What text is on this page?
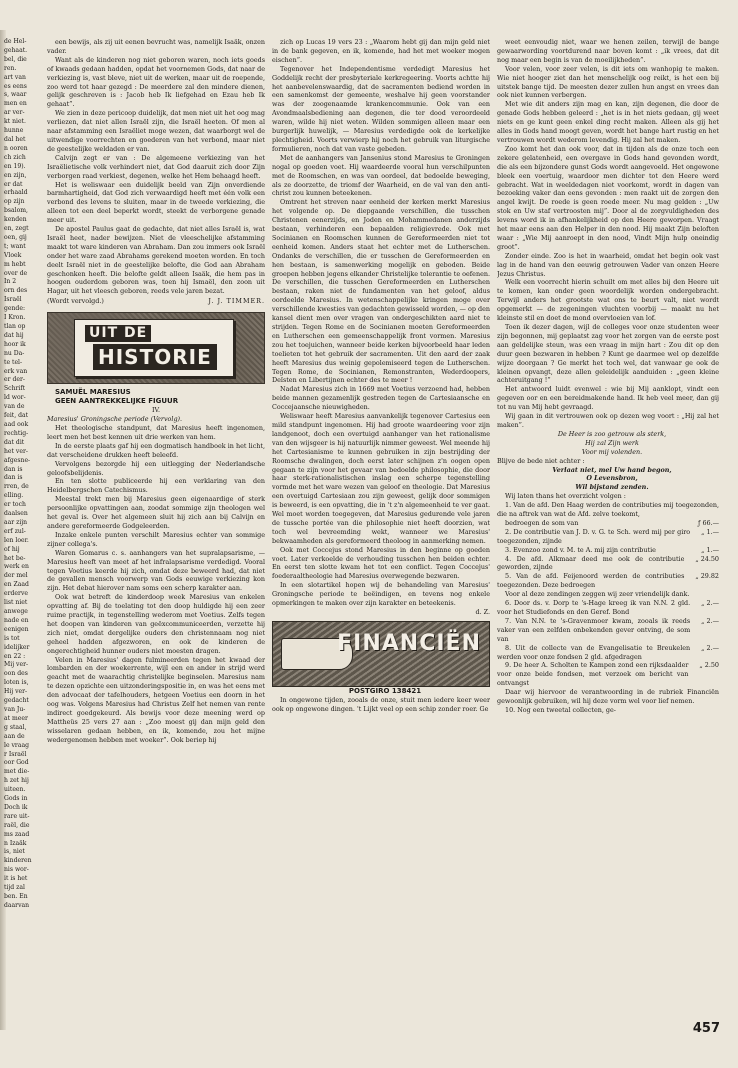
de Hel-

gehaat.

bel, die

ren.

art van

es eens

s, waar

men en

ar ver-

kt niet.

hunne

dal het

n ooren

ch zich

en 19).

en zijn,

er dat

erhaald

op zijn

bsalom,

kenden

en, zegt

oen, gij

t; want

Vloek

m hebt

over de

In 2

orn des

Israël

gende:

I Kron.

tlan op

dat hij

hoor ik

nu Da-

te tel-

erk van

er der-

Schrift

ld wor-

van de

feit, dat

aad ook

rechtig-

dat dit

het ver-

afgesne-

dan is

dan is

rren, de

elling.

er toch

daalsen

aar zijn

erf zul-

len loer.

of hij

het be-

werk en

der mel

en Zaad

erderve

list niet

anwege

nade en

eenigen

is tot

idelijker

en 22 :

Mij ver-

oon des

loten is,

Hij ver-

gedacht

van Ju-

at meer

g staal,

aan de

le vraag

r Israël

oor God

met die-

h zet hij

uiteen.

Gods in

Doch ik

rare uit-

raël, die

ms zaad

n Izaäk

is, niet

kinderen

nis wor-

it is het

tijd zal

ben. En

daarvan

een bewijs, als zij uit eenen bevrucht was, namelijk Isaäk, onzen vader.

Want als de kinderen nog niet geboren waren, noch iets goeds of kwaads gedaan hadden, opdat het voornemen Gods, dat naar de verkiezing is, vast bleve, niet uit de werken, maar uit de roepende, zoo werd tot haar gezegd : De meerdere zal den mindere dienen, gelijk geschreven is : Jacob heb Ik liefgehad en Ezau heb Ik gehaat”.

We zien in deze pericoop duidelijk, dat men niet uit het oog mag verliezen, dat niet allen Israël zijn, die Israël heeten. Of men al naar afstamming een Israëliet moge wezen, dat waarborgt wel de uitwendige voorrechten en goederen van het verbond, maar niet de geestelijke weldaden er van.

Calvijn zegt er van : De algemeene verkiezing van het Israëlietische volk verhindert niet, dat God daaruit zich door Zijn verborgen raad verkiest, degenen, welke het Hem behaagd heeft.

Het is weliswaar een duidelijk beeld van Zijn onverdiende barmhartigheid, dat God zich verwaardigd heeft met één volk een verbond des levens te sluiten, maar in de tweede verkiezing, die alleen tot een deel beperkt wordt, steekt de verborgene genade meer uit.

De apostel Paulus gaat de gedachte, dat niet alles Israël is, wat Israël heet, nader bewijzen. Niet de vleeschelijke afstamming maakt tot ware kinderen van Abraham. Dan zou immers ook Israël onder het ware zaad Abrahams gerekend moeten worden. En toch deelt Israël niet in de geestelijke belofte, die God aan Abraham geschonken heeft. Die belofte geldt alleen Isaäk, die hem pas in hoogen ouderdom geboren was, toen hij Ismaël, den zoon uit Hagar, uit het vleesch geboren, reeds vele jaren bezat.

(Wordt vervolgd.)	J. J. TIMMER.

UIT DE
HISTORIE

SAMUËL MARESIUS

GEEN AANTREKKELIJKE FIGUUR

IV.

Maresius' Groningsche periode (Vervolg).

Het theologische standpunt, dat Maresius heeft ingenomen, leert men het best kennen uit drie werken van hem.

In de eerste plaats gaf hij een dogmatisch handboek in het licht, dat verscheidene drukken heeft beleefd.

Vervolgens bezorgde hij een uitlegging der Nederlandsche geloofsbelijdenis.

En ten slotte publiceerde hij een verklaring van den Heidelbergschen Catechismus.

Meestal trekt men bij Maresius geen eigenaardige of sterk persoonlijke opvattingen aan, zoodat sommige zijn theologen wel het geval is. Over het algemeen sluit hij zich aan bij Calvijn en andere gereformeerde Godgeleerden.

Inzake enkele punten verschilt Maresius echter van sommige zijner collega's.

Waren Gomarus c. s. aanhangers van het supralapsarisme, — Maresius heeft van meet af het infralapsarisme verdedigd. Vooral tegen Voetius keerde hij zich, omdat deze beweerd had, dat niet de gevallen mensch voorwerp van Gods eeuwige verkiezing kon zijn. Het debat hierover nam soms een scherp karakter aan.

Ook wat betreft de kinderdoop week Maresius van enkelen opvatting af. Bij de toelating tot den doop huldigde hij een zeer ruime practijk, in tegenstelling wederom met Voetius. Zelfs tegen het doopen van kinderen van geëxcommuniceerden, verzette hij zich niet, omdat dergelijke ouders den christennaam nog niet geheel hadden afgezworen, en ook de kinderen de ongerechtigheid hunner ouders niet moesten dragen.

Velen in Maresius' dagen fulmineerden tegen het kwaad der lombarden en der woekerrente, wijl een en ander in strijd werd geacht met de waarachtig christelijke beginselen. Maresius nam te dezen opzichte een uitzonderingspositie in, en was het eens met den advocaat der tafelhouders, hetgeen Voetius een doorn in het oog was. Volgens Maresius had Christus Zelf het nemen van rente indirect goedgekeurd. Als bewijs voor deze meening werd op Mattheüs 25 vers 27 aan : „Zoo moest gij dan mijn geld den wisselaren gedaan hebben, en ik, komende, zou het mijne wedergenomen hebben met woeker”. Ook beriep hij

zich op Lucas 19 vers 23 : „Waarom hebt gij dan mijn geld niet in de bank gegeven, en ik, komende, had het met woeker mogen eischen”.

Tegenover het Independentisme verdedigt Maresius het Goddelijk recht der presbyteriale kerkregeering. Voorts achtte hij het aanbevelenswaardig, dat de sacramenten bediend worden in een samenkomst der gemeente, weshalve hij geen voorstander was der zoogenaamde krankencommunie. Ook van een Avondmaalsbediening aan degenen, die ter dood veroordeeld waren, wilde hij niet weten. Wilden sommigen alleen maar een burgerlijk huwelijk, — Maresius verdedigde ook de kerkelijke plechtigheid. Voorts verwierp hij noch het gebruik van liturgische formulieren, noch dat van vaste gebeden.

Met de aanhangers van Jansenius stond Maresius te Groningen nogal op goeden voet. Hij waardeerde vooral hun verschilpunten met de Roomschen, en was van oordeel, dat bedoelde beweging, als ze doorzette, de triomf der Waarheid, en de val van den anti-christ zou kunnen beteekenen.

Omtrent het streven naar eenheid der kerken merkt Maresius het volgende op. De diepgaande verschillen, die tusschen Christenen eenerzijds, en Joden en Mohammedanen anderzijds bestaan, verhinderen een bepaalden religievrede. Ook met Socinianen en Roomschen kunnen de Gereformeerden niet tot eenheid komen. Anders staat het echter met de Lutherschen. Ondanks de verschillen, die er tusschen de Gereformeerden en hen bestaan, is samenwerking mogelijk en geboden. Beide groepen hebben jegens elkander Christelijke tolerantie te oefenen. De verschillen, die tusschen Gereformeerden en Lutherschen bestaan, raken niet de fundamenten van het geloof, aldus oordeelde Maresius. In wetenschappelijke kringen moge over verschillende kwesties van gedachten gewisseld worden, — op den kansel dient men over vragen van ondergeschikten aard niet te strijden. Tegen Rome en de Socinianen moeten Gereformeerden en Lutherschen een gemeenschappelijk front vormen. Maresius zou het toejuichen, wanneer beide kerken bijvoorbeeld haar leden toelieten tot het gebruik der sacramenten. Uit den aard der zaak heeft Maresius dus weinig gepolemiseerd tegen de Lutherschen. Tegen Rome, de Socinianen, Remonstranten, Wederdoopers, Deïsten en Libertijnen echter des te meer !

Nadat Maresius zich in 1669 met Voetius verzoend had, hebben beide mannen gezamenlijk gestreden tegen de Cartesiaansche en Coccejaansche nieuwigheden.

Weliswaar heeft Maresius aanvankelijk tegenover Cartesius een mild standpunt ingenomen. Hij had groote waardeering voor zijn landgenoot, doch een overtuigd aanhanger van het rationalisme van den wijsgeer is hij natuurlijk nimmer geweest. Wel meende hij het Cartesianisme te kunnen gebruiken in zijn bestrijding der Roomsche dwalingen, doch eerst later schijnen z'n oogen open gegaan te zijn voor het gevaar van bedoelde philosophie, die door haar sterk-rationalistischen inslag een scherpe tegenstelling vormde met het ware wezen van geloof en theologie. Dat Maresius een overtuigd Cartesiaan zou zijn geweest, gelijk door sommigen is beweerd, is een opvatting, die in 't z'n algemeenheid te ver gaat. Wel moet worden toegegeven, dat Maresius gedurende vele jaren de tussche portée van die philosophie niet heeft doorzien, wat toch wel bevreemding wekt, wanneer we Maresius' bekwaamheden als gereformeerd theoloog in aanmerking nemen.

Ook met Coccejus stond Maresius in den beginne op goeden voet. Later verkoelde de verhouding tusschen hen beiden echter. En eerst ten slotte kwam het tot een conflict. Tegen Coccejus' foederaaltheologie had Maresius overwegende bezwaren.

In een slotartikel hopen wij de behandeling van Maresius' Groningsche periode te beëindigen, en tevens nog enkele opmerkingen te maken over zijn karakter en beteekenis.

d. Z.

FINANCIËN

POSTGIRO 138421

In ongewone tijden, zooals de onze, stuit men iedere keer weer ook op ongewone dingen. 't Lijkt veel op een schip zonder roer. Ge

weet eenvoudig niet, waar we henen zeilen, terwijl de bange gewaarwording voortdurend naar boven komt : „ik vrees, dat dit nog maar een begin is van de moeilijkheden”.

Voor velen, voor zeer velen, is dit iets om wanhopig te maken. Wie niet hooger ziet dan het menschelijk oog reikt, is het een bij uitstek bange tijd. De meesten dezer zullen hun angst en vrees dan ook niet kunnen verbergen.

Met wie dit anders zijn mag en kan, zijn degenen, die door de genade Gods hebben geleerd : „het is in het niets gedaan, gij weet niets en ge kunt geen enkel ding recht maken. Alleen als gij het alles in Gods hand moogt geven, wordt het bange hart rustig en het vertrouwen wordt wederom levendig. Hij zal het maken.

Zoo komt het dan ook voor, dat in tijden als de onze toch een zekere gelatenheid, een overgave in Gods hand gevonden wordt, die als een bijzondere gunst Gods wordt aangevoeld. Het ongewone bleek een voertuig, waardoor men dichter tot den Heere werd gebracht. Wat in weeldedagen niet voorkomt, wordt in dagen van bezoeking vaker dan eens gevonden : men raakt uit de zorgen den angel kwijt. De roede is geen roede meer. Nu mag gelden : „Uw stok en Uw staf vertroosten mij”. Door al de zorgvuldigheden des levens word ik in afhankelijkheid op den Heere geworpen. Vraagt het maar eens aan den Helper in den nood. Hij maakt Zijn beloften waar : „Wie Mij aanroept in den nood, Vindt Mijn hulp oneindig groot”.

Zonder einde. Zoo is het in waarheid, omdat het begin ook vast lag in de hand van den eeuwig getrouwen Vader van onzen Heere Jezus Christus.

Welk een voorrecht hierin schuilt om met alles bij den Heere uit te komen, kan onder geen woordelijk worden ondergebracht. Terwijl anders het grootste wat ons te beurt valt, niet wordt opgemerkt — de zegeningen vluchten voorbij — maakt nu het kleinste stil en doet de mond overvloeien van lof.

Toen ik dezer dagen, wijl de colleges voor onze studenten weer zijn begonnen, mij geplaatst zag voor het zorgen van de eerste post aan geldelijke steun, was een vraag in mijn hart : Zou dit op den duur geen bezwaren in hebben ? Kunt ge daarmee wel op dezelfde wijze doorgaan ? Ge merkt het toch wel, dat vanwaar ge ook de kleinen opvangt, deze allen geleidelijk aanduiden : „geen kleine achteruitgang !”

Het antwoord luidt evenwel : wie bij Mij aanklopt, vindt een gegeven oor en een bereidmakende hand. Ik heb veel meer, dan gij tot nu van Mij hebt gevraagd.

Wij gaan in dit vertrouwen ook op dezen weg voort : „Hij zal het maken”.

De Heer is zoo getrouw als sterk,

Hij zal Zijn werk

Voor mij volenden.

Blijve de bede niet achter :

Verlaat niet, mel Uw hand begon,

O Levensbron,

Wil bijstand zenden.

Wij laten thans het overzicht volgen :

1. Van de afd. Den Haag werden de contributies mij toegezonden, die na aftrek van wat de Afd. zelve toekomt,

bedroegen de som van	ƒ 66.—

2. De contributie van J. D. v. G. te Sch. werd mij per giro toegezonden, zijnde
„ 1.—

3. Evenzoo zond v. M. te A. mij zijn contributie	„ 1.—

4. De afd. Alkmaar deed me ook de contributie geworden, zijnde
„ 24.50

5. Van de afd. Feijenoord werden de contributies toegezonden. Deze bedroegen
„ 29.82

Voor al deze zendingen zeggen wij zeer vriendelijk dank.

6. Door ds. v. Dorp te 's-Hage kreeg ik van N.N. 2 gld. voor het Studiefonds en den Geref. Bond
„ 2.—

7. Van N.N. te 's-Gravenmoer kwam, zooals ik reeds vaker van een zelfden onbekenden gever ontving, de som van
„ 2.—

8. Uit de collecte van de Evangelisatie te Breukelen werden voor onze fondsen 2 gld. afgedragen
„ 2.—

9. De heer A. Scholten te Kampen zond een rijksdaalder voor onze beide fondsen, met verzoek om bericht van ontvangst
„ 2.50

Daar wij hiervoor de verantwoording in de rubriek Financiën gewoonlijk gebruiken, wil hij deze vorm wel voor lief nemen.

10. Nog een tweetal collecten, ge-

457
